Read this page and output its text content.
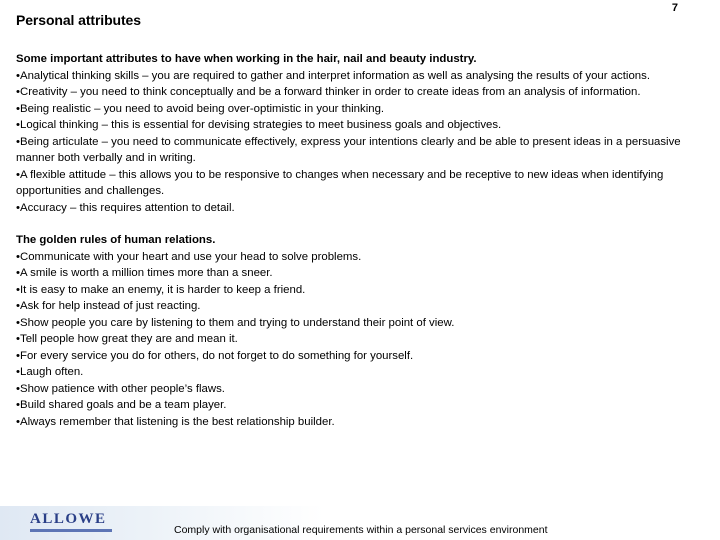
Personal attributes

Some important attributes to have when working in the hair, nail and beauty industry.

• Analytical thinking skills – you are required to gather and interpret information as well as analysing the results of your actions.
• Creativity – you need to think conceptually and be a forward thinker in order to create ideas from an analysis of information.
• Being realistic – you need to avoid being over-optimistic in your thinking.
• Logical thinking – this is essential for devising strategies to meet business goals and objectives.
• Being articulate – you need to communicate effectively, express your intentions clearly and be able to present ideas in a persuasive manner both verbally and in writing.
• A flexible attitude – this allows you to be responsive to changes when necessary and be receptive to new ideas when identifying opportunities and challenges.
• Accuracy – this requires attention to detail.

The golden rules of human relations.

• Communicate with your heart and use your head to solve problems.
• A smile is worth a million times more than a sneer.
• It is easy to make an enemy, it is harder to keep a friend.
• Ask for help instead of just reacting.
• Show people you care by listening to them and trying to understand their point of view.
• Tell people how great they are and mean it.
• For every service you do for others, do not forget to do something for yourself.
• Laugh often.
• Show patience with other people’s flaws.
• Build shared goals and be a team player.
• Always remember that listening is the best relationship builder.
ALLOWE
Comply with organisational requirements within a personal services environment
7
